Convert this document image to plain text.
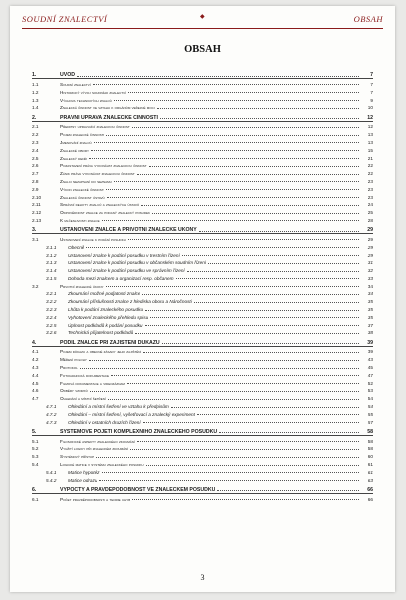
SOUDNÍ ZNALECTVÍ	◆	OBSAH
OBSAH
1.	ÚVOD	7
1.1	Soudní znalectví	7
1.2	Historický vývoj soudního znalectví	7
1.3	Výchova technických znalců	9
1.4	Znalecká činnost ve vztahu k orgánům veřejné moci	10
2.	PRÁVNÍ ÚPRAVA ZNALECKÉ ČINNOSTI	12
2.1	Předpisy upravující znaleckou činnost	12
2.2	Pojem znalecké činnosti	13
2.3	Jmenování znalců	13
2.4	Znalecké obory	15
2.5	Znalecký deník	21
2.6	Pozastavení práva vykonávat znaleckou činnost	22
2.7	Zánik práva vykonávat znaleckou činnost	22
2.8	Znalci nezapsaní do seznamu	23
2.9	Výkon znalecké činnosti	23
2.10	Znalecká činnost ústavů	23
2.11	Správní delikty znalců a znaleckých ústavů	24
2.12	Odpovědnost znalce za podaný znalecký posudek	25
2.13	K mlčenlivosti znalce	28
3.	USTANOVENÍ ZNALCE A PRIVOTNÍ ZNALECKÉ ÚKONY	29
3.1	Ustanovení znalce k podání posudku	29
3.1.1	Obecně	29
3.1.2	Ustanovení znalce k podání posudku v trestním řízení	29
3.1.3	Ustanovení znalce k podání posudku v občanském soudním řízení	31
3.1.4	Ustanovení znalce k podání posudku ve správním řízení	32
3.1.5	Dohoda mezi znalcem a organizací resp. občanem	33
3.2	Prvotní znalecké úkony	34
3.2.1	Zkoumání možné podjatosti znalce	34
3.2.2	Zkoumání příslušnosti znalce z hlediska oboru a Náročnosti	35
3.2.3	Lhůta k podání znaleckého posudku	35
3.2.4	Vyhotovení znaleckého přehledu spisu	35
3.2.5	Úplnost podkladů k podání posudku	37
3.2.6	Technická přijatelnost podkladů	38
4.	PODÍL ZNALCE PŘI ZAJIŠTĚNÍ DŮKAZU	39
4.1	Pojem důkazu a obecné zásady jeho zajištění	39
4.2	Měření polohy	43
4.3	Protokol	45
4.4	Fotografická dokumentace	47
4.5	Filmová dokumentace a videozáznam	52
4.6	Odběry vzorků	53
4.7	Ohledání a místní šetření	54
4.7.1	Ohledání a místní šetření ve vztahu k předpisům	54
4.7.2	Ohledání – místní šetření, vyšetřovací a znalecký experiment	55
4.7.3	Ohledání v ostatních druzích řízení	57
5.	SYSTÉMOVÉ POJETÍ KOMPLEXNÍHO ZNALECKÉHO POSUDKU	58
5.1	Filosofické aspekty znaleckého zkoumání	58
5.2	Využití logiky při znaleckém zkoumání	58
5.3	Systémový přístup	60
5.4	Logické matice v systému znaleckého posudku	61
5.4.1	Matice hypotéz	61
5.4.2	Matice odrazu	63
6.	VÝPOČTY A PRAVDĚPODOBNOST VE ZNALECKÉM POSUDKU	66
6.1	Počet pravděpodobnosti a teorie chyb	66
3
